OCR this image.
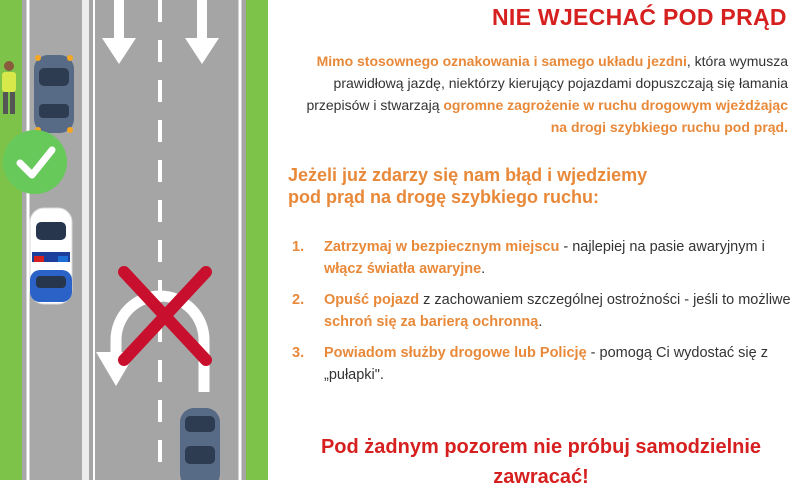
NIE WJECHAĆ POD PRĄD
Mimo stosownego oznakowania i samego układu jezdni, która wymusza prawidłową jazdę, niektórzy kierujący pojazdami dopuszczają się łamania przepisów i stwarzają ogromne zagrożenie w ruchu drogowym wjeżdżając na drogi szybkiego ruchu pod prąd.
Jeżeli już zdarzy się nam błąd i wjedziemy pod prąd na drogę szybkiego ruchu:
1. Zatrzymaj w bezpiecznym miejscu - najlepiej na pasie awaryjnym i włącz światła awaryjne.
2. Opuść pojazd z zachowaniem szczególnej ostrożności - jeśli to możliwe schroń się za barierą ochronną.
3. Powiadom służby drogowe lub Policję - pomogą Ci wydostać się z „pułapki".
Pod żadnym pozorem nie próbuj samodzielnie zawracać!
